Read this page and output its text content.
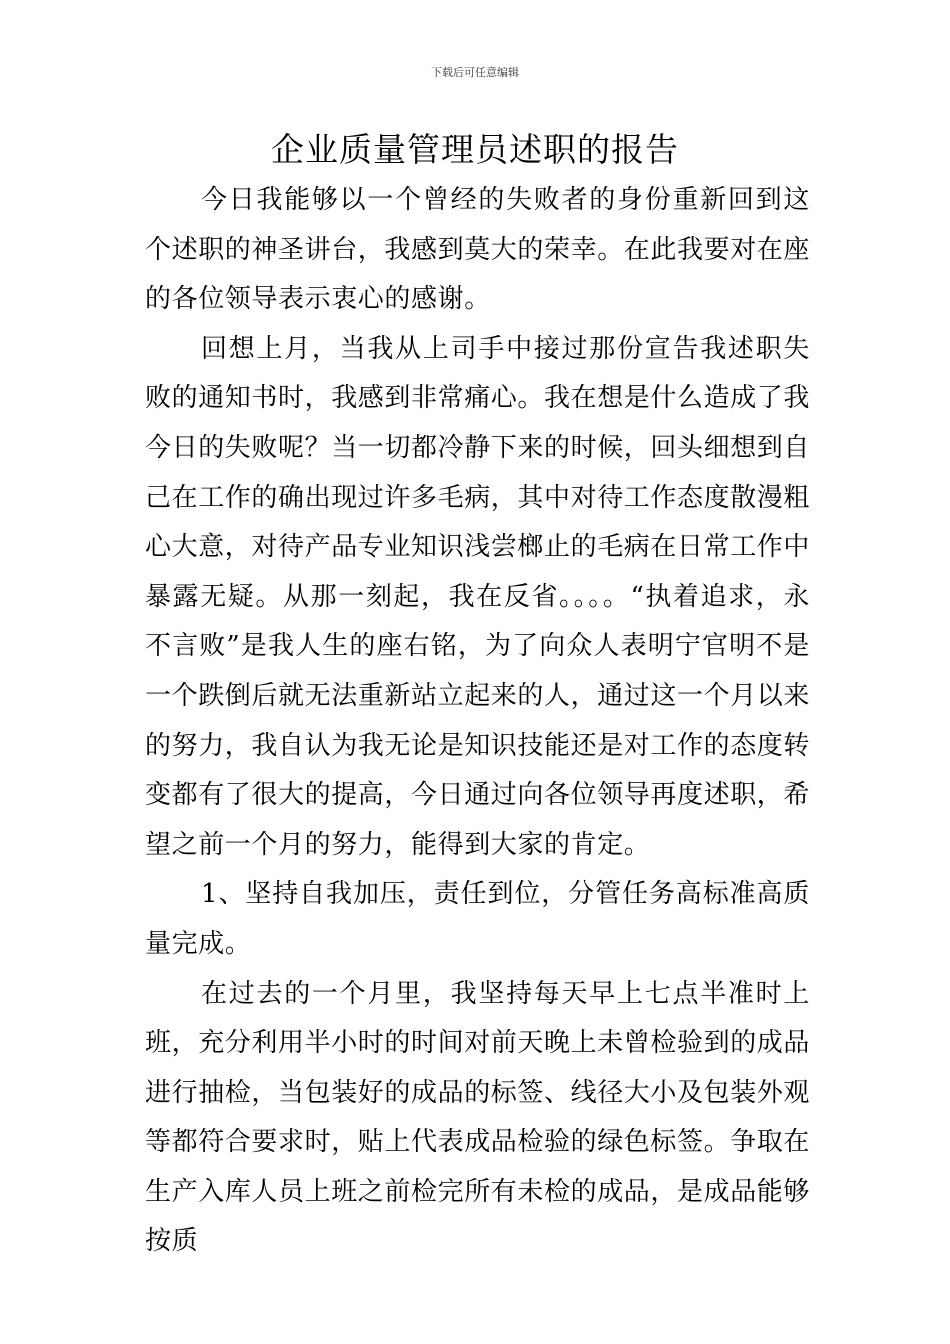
下载后可任意编辑
企业质量管理员述职的报告

今日我能够以一个曾经的失败者的身份重新回到这个述职的神圣讲台，我感到莫大的荣幸。在此我要对在座的各位领导表示衷心的感谢。

回想上月，当我从上司手中接过那份宣告我述职失败的通知书时，我感到非常痛心。我在想是什么造成了我今日的失败呢？当一切都冷静下来的时候，回头细想到自己在工作的确出现过许多毛病，其中对待工作态度散漫粗心大意，对待产品专业知识浅尝榔止的毛病在日常工作中暴露无疑。从那一刻起，我在反省。。。。“执着追求，永不言败”是我人生的座右铭，为了向众人表明宁官明不是一个跌倒后就无法重新站立起来的人，通过这一个月以来的努力，我自认为我无论是知识技能还是对工作的态度转变都有了很大的提高，今日通过向各位领导再度述职，希望之前一个月的努力，能得到大家的肯定。

1、坚持自我加压，责任到位，分管任务高标准高质量完成。

在过去的一个月里，我坚持每天早上七点半准时上班，充分利用半小时的时间对前天晚上未曾检验到的成品进行抽检，当包装好的成品的标签、线径大小及包装外观等都符合要求时，贴上代表成品检验的绿色标签。争取在生产入库人员上班之前检完所有未检的成品，是成品能够按质
